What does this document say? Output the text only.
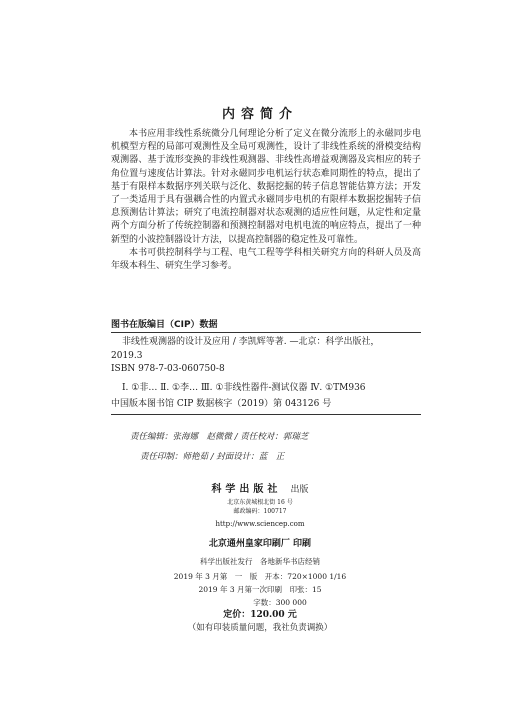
内容简介

本书应用非线性系统微分几何理论分析了定义在微分流形上的永磁同步电机模型方程的局部可观测性及全局可观测性，设计了非线性系统的滑模变结构观测器、基于流形变换的非线性观测器、非线性高增益观测器及宾相应的转子角位置与速度估计算法。针对永磁同步电机运行状态难同期性的特点，提出了基于有限样本数据序列关联与泛化、数据挖掘的转子信息智能估算方法；开发了一类适用于具有强耦合性的内置式永磁同步电机的有限样本数据挖掘转子信息预测估计算法；研究了电流控制器对状态观测的适应性问题，从定性和定量两个方面分析了传统控制器和预测控制器对电机电流的响应特点，提出了一种新型的小波控制器设计方法，以提高控制器的稳定性及可靠性。

本书可供控制科学与工程、电气工程等学科相关研究方向的科研人员及高年级本科生、研究生学习参考。

图书在版编目（CIP）数据
非线性观测器的设计及应用 / 李凯辉等著. —北京：科学出版社，
2019.3
ISBN 978-7-03-060750-8
Ⅰ. ①非… Ⅱ. ①李… Ⅲ. ①非线性器件-测试仪器 Ⅳ. ①TM936
中国版本图书馆 CIP 数据核字（2019）第 043126 号
责任编辑：张海娜　赵微微 / 责任校对：郭瑞芝
责任印制：师艳茹 / 封面设计：蓝　正
科学出版社 出版
北京东黄城根北街 16 号
邮政编码：100717
http://www.sciencep.com
北京通州皇家印刷厂 印刷
科学出版社发行　各地新华书店经销
2019 年 3 月第　一　版　开本：720×1000 1/16
2019 年 3 月第一次印刷　印张：15
字数：300 000
定价：120.00 元
（如有印装质量问题，我社负责调换）
